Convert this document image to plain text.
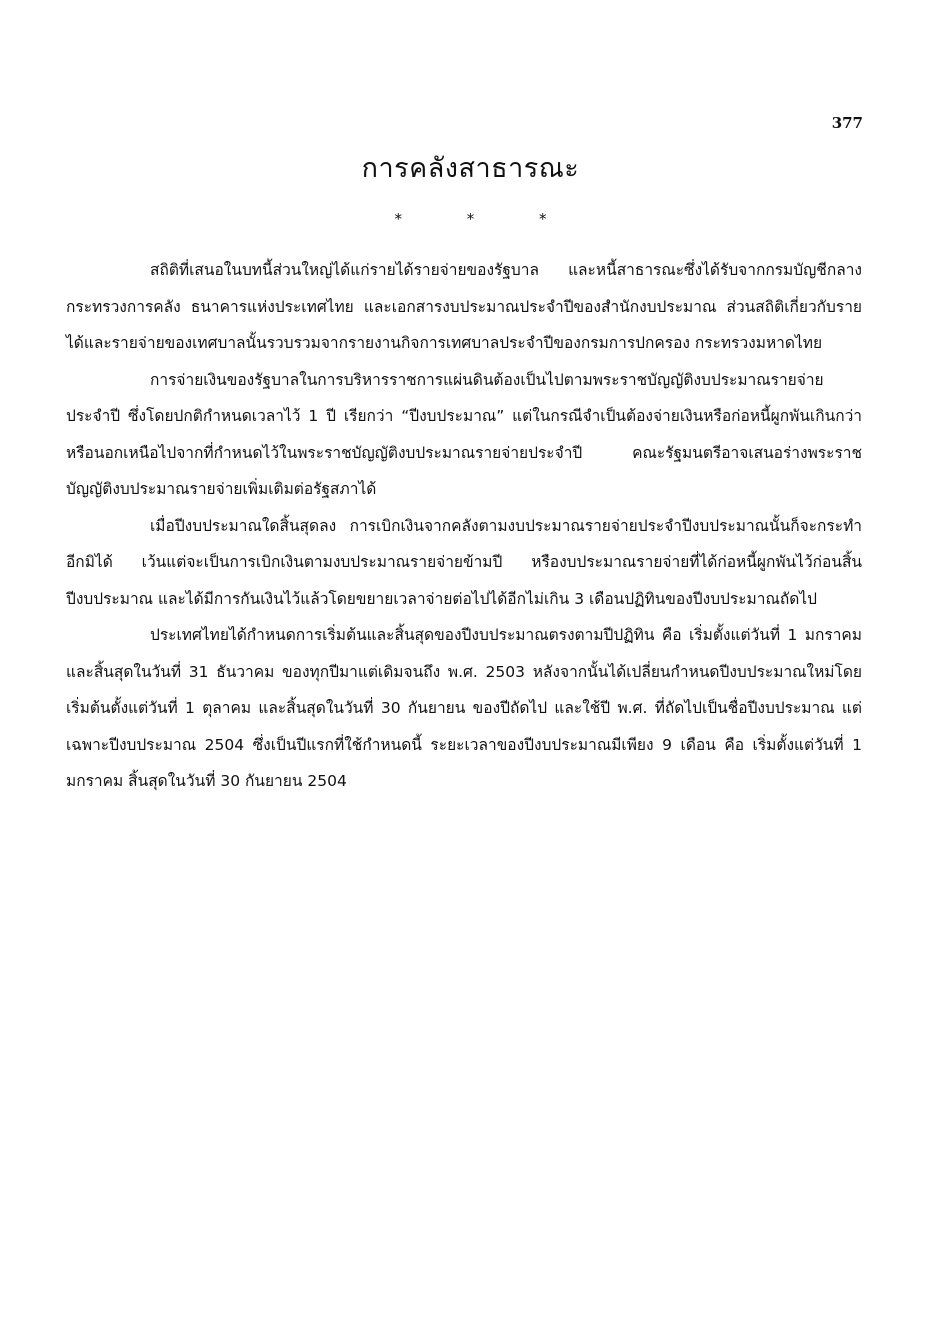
377
การคลังสาธารณะ
* * *

สถิติที่เสนอในบทนี้ส่วนใหญ่ได้แก่รายได้รายจ่ายของรัฐบาล และหนี้สาธารณะซึ่งได้รับจากกรมบัญชีกลาง กระทรวงการคลัง ธนาคารแห่งประเทศไทย และเอกสารงบประมาณประจำปีของสำนักงบประมาณ ส่วนสถิติเกี่ยวกับรายได้และรายจ่ายของเทศบาลนั้นรวบรวมจากรายงานกิจการเทศบาลประจำปีของกรมการปกครอง กระทรวงมหาดไทย

การจ่ายเงินของรัฐบาลในการบริหารราชการแผ่นดินต้องเป็นไปตามพระราชบัญญัติงบประมาณรายจ่ายประจำปี ซึ่งโดยปกติกำหนดเวลาไว้ 1 ปี เรียกว่า “ปีงบประมาณ” แต่ในกรณีจำเป็นต้องจ่ายเงินหรือก่อหนี้ผูกพันเกินกว่าหรือนอกเหนือไปจากที่กำหนดไว้ในพระราชบัญญัติงบประมาณรายจ่ายประจำปี คณะรัฐมนตรีอาจเสนอร่างพระราชบัญญัติงบประมาณรายจ่ายเพิ่มเติมต่อรัฐสภาได้

เมื่อปีงบประมาณใดสิ้นสุดลง การเบิกเงินจากคลังตามงบประมาณรายจ่ายประจำปีงบประมาณนั้นก็จะกระทำอีกมิได้ เว้นแต่จะเป็นการเบิกเงินตามงบประมาณรายจ่ายข้ามปี หรืองบประมาณรายจ่ายที่ได้ก่อหนี้ผูกพันไว้ก่อนสิ้นปีงบประมาณ และได้มีการกันเงินไว้แล้วโดยขยายเวลาจ่ายต่อไปได้อีกไม่เกิน 3 เดือนปฏิทินของปีงบประมาณถัดไป

ประเทศไทยได้กำหนดการเริ่มต้นและสิ้นสุดของปีงบประมาณตรงตามปีปฏิทิน คือ เริ่มตั้งแต่วันที่ 1 มกราคม และสิ้นสุดในวันที่ 31 ธันวาคม ของทุกปีมาแต่เดิมจนถึง พ.ศ. 2503 หลังจากนั้นได้เปลี่ยนกำหนดปีงบประมาณใหม่โดยเริ่มต้นตั้งแต่วันที่ 1 ตุลาคม และสิ้นสุดในวันที่ 30 กันยายน ของปีถัดไป และใช้ปี พ.ศ. ที่ถัดไปเป็นชื่อปีงบประมาณ แต่เฉพาะปีงบประมาณ 2504 ซึ่งเป็นปีแรกที่ใช้กำหนดนี้ ระยะเวลาของปีงบประมาณมีเพียง 9 เดือน คือ เริ่มตั้งแต่วันที่ 1 มกราคม สิ้นสุดในวันที่ 30 กันยายน 2504
